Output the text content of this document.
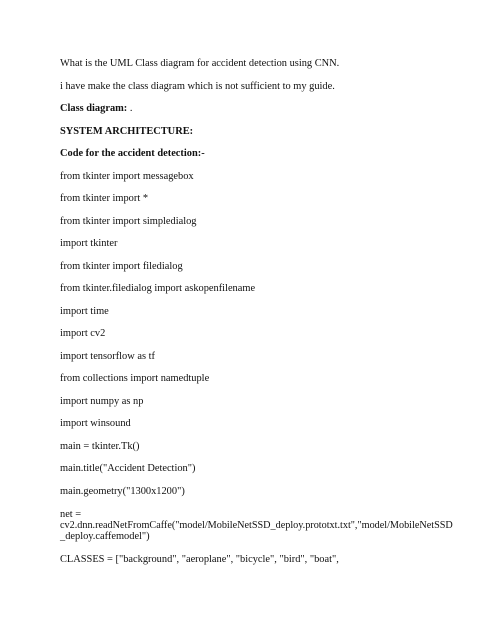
What is the UML Class diagram for accident detection using CNN.

i have make the class diagram which is not sufficient to my guide.

Class diagram: .

SYSTEM ARCHITECTURE:

Code for the accident detection:-

from tkinter import messagebox

from tkinter import *

from tkinter import simpledialog

import tkinter

from tkinter import filedialog

from tkinter.filedialog import askopenfilename

import time

import cv2

import tensorflow as tf

from collections import namedtuple

import numpy as np

import winsound

main = tkinter.Tk()

main.title("Accident Detection")

main.geometry("1300x1200")

net =

cv2.dnn.readNetFromCaffe("model/MobileNetSSD_deploy.prototxt.txt","model/MobileNetSSD

_deploy.caffemodel")

CLASSES = ["background", "aeroplane", "bicycle", "bird", "boat",
